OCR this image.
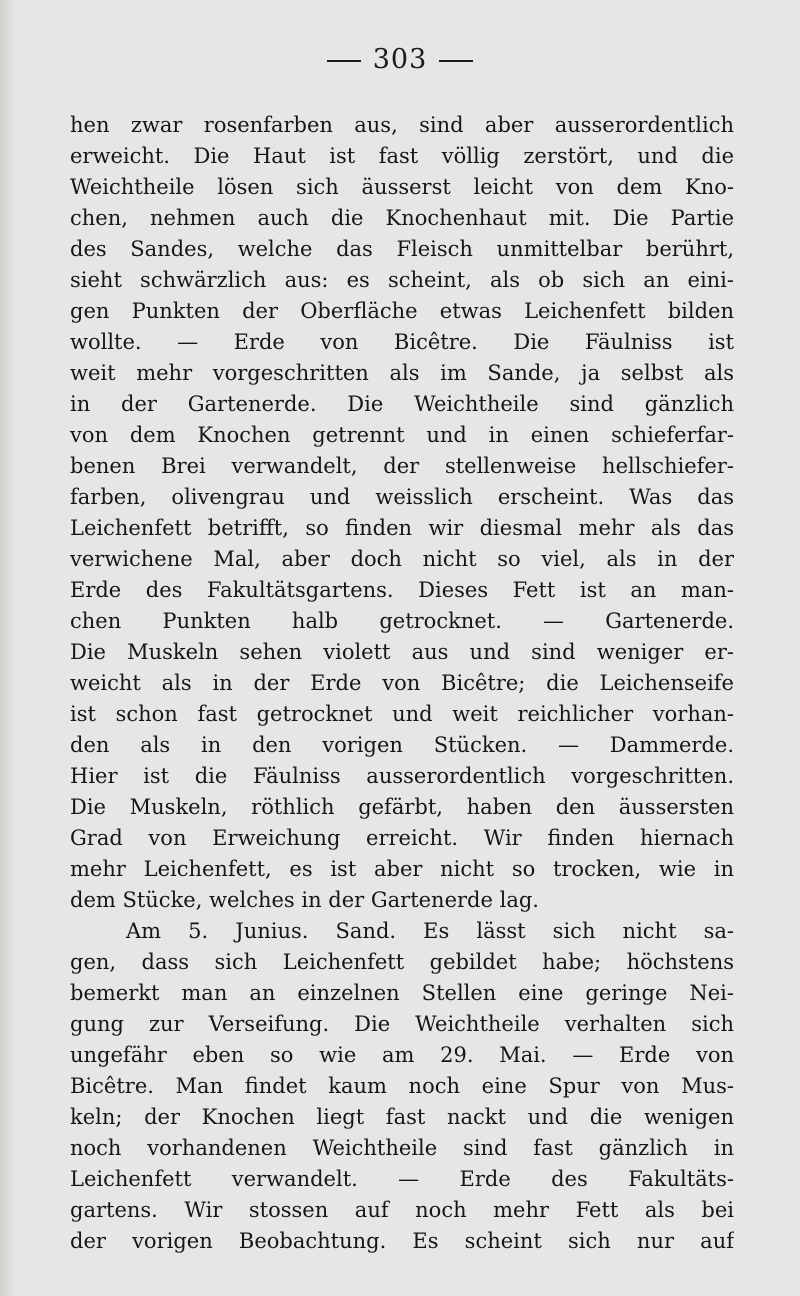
303
hen zwar rosenfarben aus, sind aber ausserordentlich
erweicht. Die Haut ist fast völlig zerstört, und die
Weichtheile lösen sich äusserst leicht von dem Kno-
chen, nehmen auch die Knochenhaut mit. Die Partie
des Sandes, welche das Fleisch unmittelbar berührt,
sieht schwärzlich aus: es scheint, als ob sich an eini-
gen Punkten der Oberfläche etwas Leichenfett bilden
wollte. — Erde von Bicêtre. Die Fäulniss ist
weit mehr vorgeschritten als im Sande, ja selbst als
in der Gartenerde. Die Weichtheile sind gänzlich
von dem Knochen getrennt und in einen schieferfar-
benen Brei verwandelt, der stellenweise hellschiefer-
farben, olivengrau und weisslich erscheint. Was das
Leichenfett betrifft, so finden wir diesmal mehr als das
verwichene Mal, aber doch nicht so viel, als in der
Erde des Fakultätsgartens. Dieses Fett ist an man-
chen Punkten halb getrocknet. — Gartenerde.
Die Muskeln sehen violett aus und sind weniger er-
weicht als in der Erde von Bicêtre; die Leichenseife
ist schon fast getrocknet und weit reichlicher vorhan-
den als in den vorigen Stücken. — Dammerde.
Hier ist die Fäulniss ausserordentlich vorgeschritten.
Die Muskeln, röthlich gefärbt, haben den äussersten
Grad von Erweichung erreicht. Wir finden hiernach
mehr Leichenfett, es ist aber nicht so trocken, wie in
dem Stücke, welches in der Gartenerde lag.
Am 5. Junius. Sand. Es lässt sich nicht sa-
gen, dass sich Leichenfett gebildet habe; höchstens
bemerkt man an einzelnen Stellen eine geringe Nei-
gung zur Verseifung. Die Weichtheile verhalten sich
ungefähr eben so wie am 29. Mai. — Erde von
Bicêtre. Man findet kaum noch eine Spur von Mus-
keln; der Knochen liegt fast nackt und die wenigen
noch vorhandenen Weichtheile sind fast gänzlich in
Leichenfett verwandelt. — Erde des Fakultäts-
gartens. Wir stossen auf noch mehr Fett als bei
der vorigen Beobachtung. Es scheint sich nur auf
